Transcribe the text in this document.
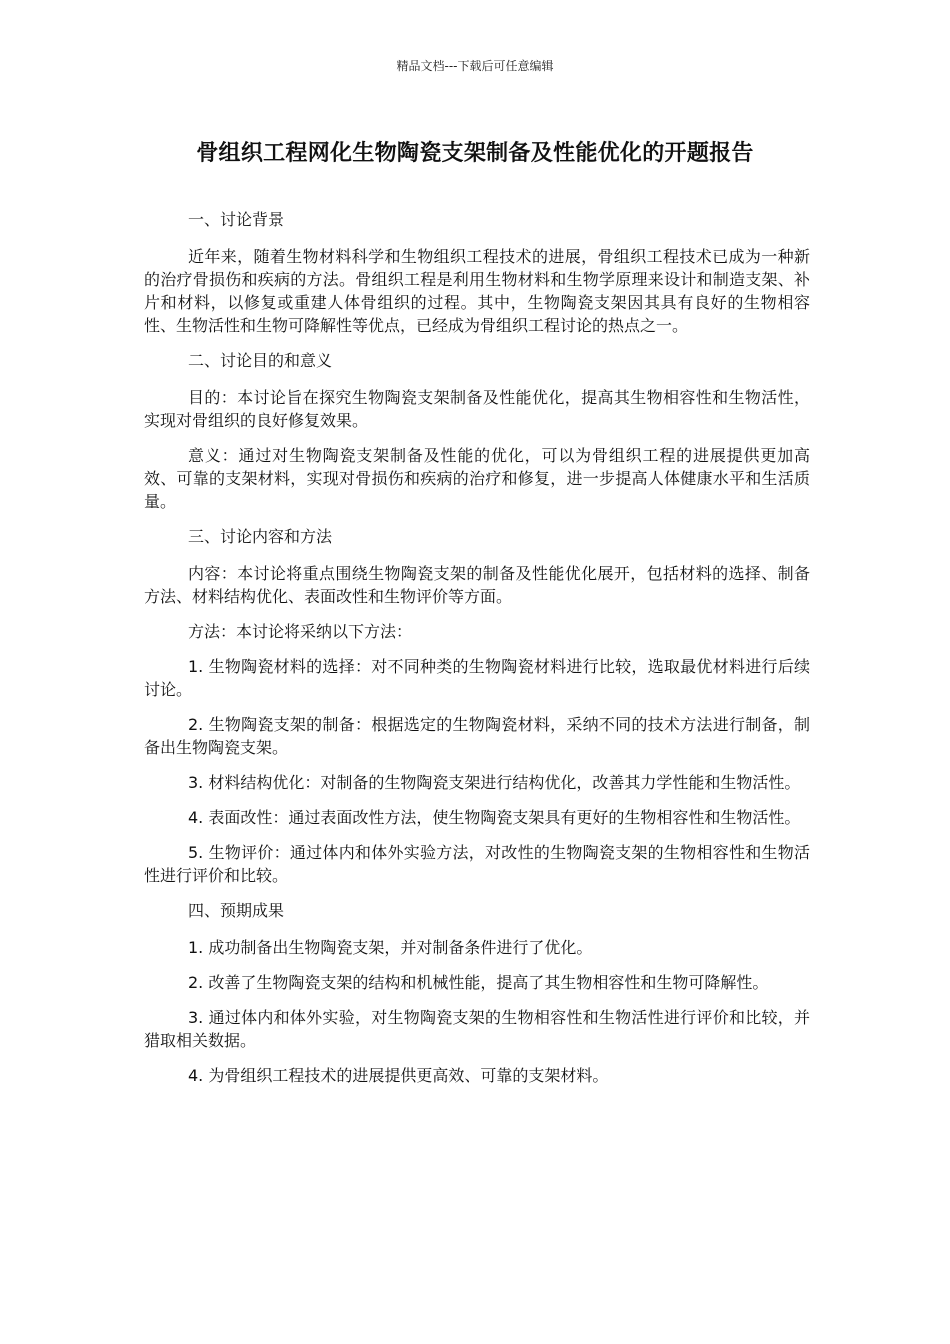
精品文档---下载后可任意编辑
骨组织工程网化生物陶瓷支架制备及性能优化的开题报告

一、讨论背景

近年来，随着生物材料科学和生物组织工程技术的进展，骨组织工程技术已成为一种新的治疗骨损伤和疾病的方法。骨组织工程是利用生物材料和生物学原理来设计和制造支架、补片和材料，以修复或重建人体骨组织的过程。其中，生物陶瓷支架因其具有良好的生物相容性、生物活性和生物可降解性等优点，已经成为骨组织工程讨论的热点之一。

二、讨论目的和意义

目的：本讨论旨在探究生物陶瓷支架制备及性能优化，提高其生物相容性和生物活性，实现对骨组织的良好修复效果。

意义：通过对生物陶瓷支架制备及性能的优化，可以为骨组织工程的进展提供更加高效、可靠的支架材料，实现对骨损伤和疾病的治疗和修复，进一步提高人体健康水平和生活质量。

三、讨论内容和方法

内容：本讨论将重点围绕生物陶瓷支架的制备及性能优化展开，包括材料的选择、制备方法、材料结构优化、表面改性和生物评价等方面。

方法：本讨论将采纳以下方法：

1. 生物陶瓷材料的选择：对不同种类的生物陶瓷材料进行比较，选取最优材料进行后续讨论。

2. 生物陶瓷支架的制备：根据选定的生物陶瓷材料，采纳不同的技术方法进行制备，制备出生物陶瓷支架。

3. 材料结构优化：对制备的生物陶瓷支架进行结构优化，改善其力学性能和生物活性。

4. 表面改性：通过表面改性方法，使生物陶瓷支架具有更好的生物相容性和生物活性。

5. 生物评价：通过体内和体外实验方法，对改性的生物陶瓷支架的生物相容性和生物活性进行评价和比较。

四、预期成果

1. 成功制备出生物陶瓷支架，并对制备条件进行了优化。

2. 改善了生物陶瓷支架的结构和机械性能，提高了其生物相容性和生物可降解性。

3. 通过体内和体外实验，对生物陶瓷支架的生物相容性和生物活性进行评价和比较，并猎取相关数据。

4. 为骨组织工程技术的进展提供更高效、可靠的支架材料。
